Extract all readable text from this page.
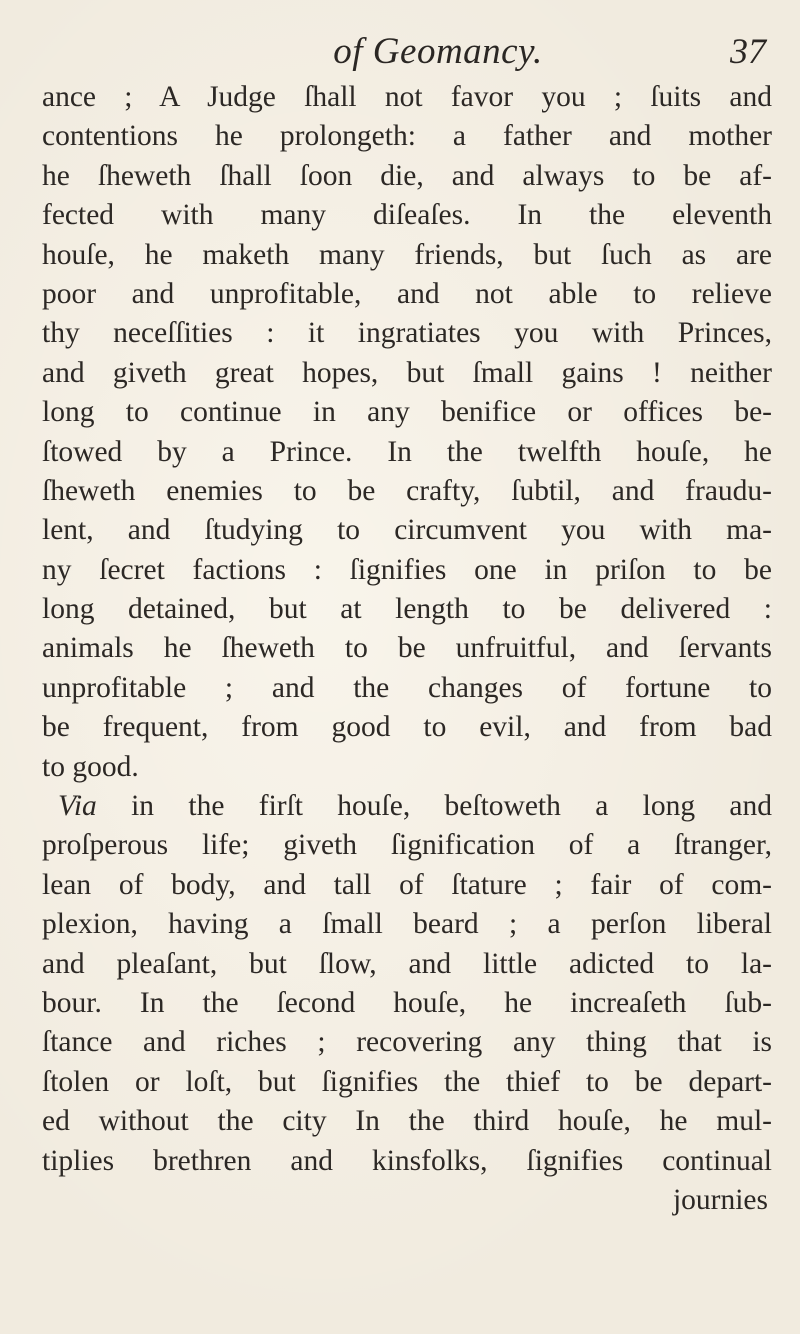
of Geomancy.	37
ance ; A Judge ſhall not favor you ; ſuits and
contentions he prolongeth: a father and mother
he ſheweth ſhall ſoon die, and always to be af-
fected with many diſeaſes. In the eleventh
houſe, he maketh many friends, but ſuch as are
poor and unprofitable, and not able to relieve
thy neceſſities : it ingratiates you with Princes,
and giveth great hopes, but ſmall gains ! neither
long to continue in any benifice or offices be-
ſtowed by a Prince. In the twelfth houſe, he
ſheweth enemies to be crafty, ſubtil, and fraudu-
lent, and ſtudying to circumvent you with ma-
ny ſecret factions : ſignifies one in priſon to be
long detained, but at length to be delivered :
animals he ſheweth to be unfruitful, and ſervants
unprofitable ; and the changes of fortune to
be frequent, from good to evil, and from bad
to good.
Via in the firſt houſe, beſtoweth a long and
proſperous life; giveth ſignification of a ſtranger,
lean of body, and tall of ſtature ; fair of com-
plexion, having a ſmall beard ; a perſon liberal
and pleaſant, but ſlow, and little adicted to la-
bour. In the ſecond houſe, he increaſeth ſub-
ſtance and riches ; recovering any thing that is
ſtolen or loſt, but ſignifies the thief to be depart-
ed without the city In the third houſe, he mul-
tiplies brethren and kinsfolks, ſignifies continual
journies
